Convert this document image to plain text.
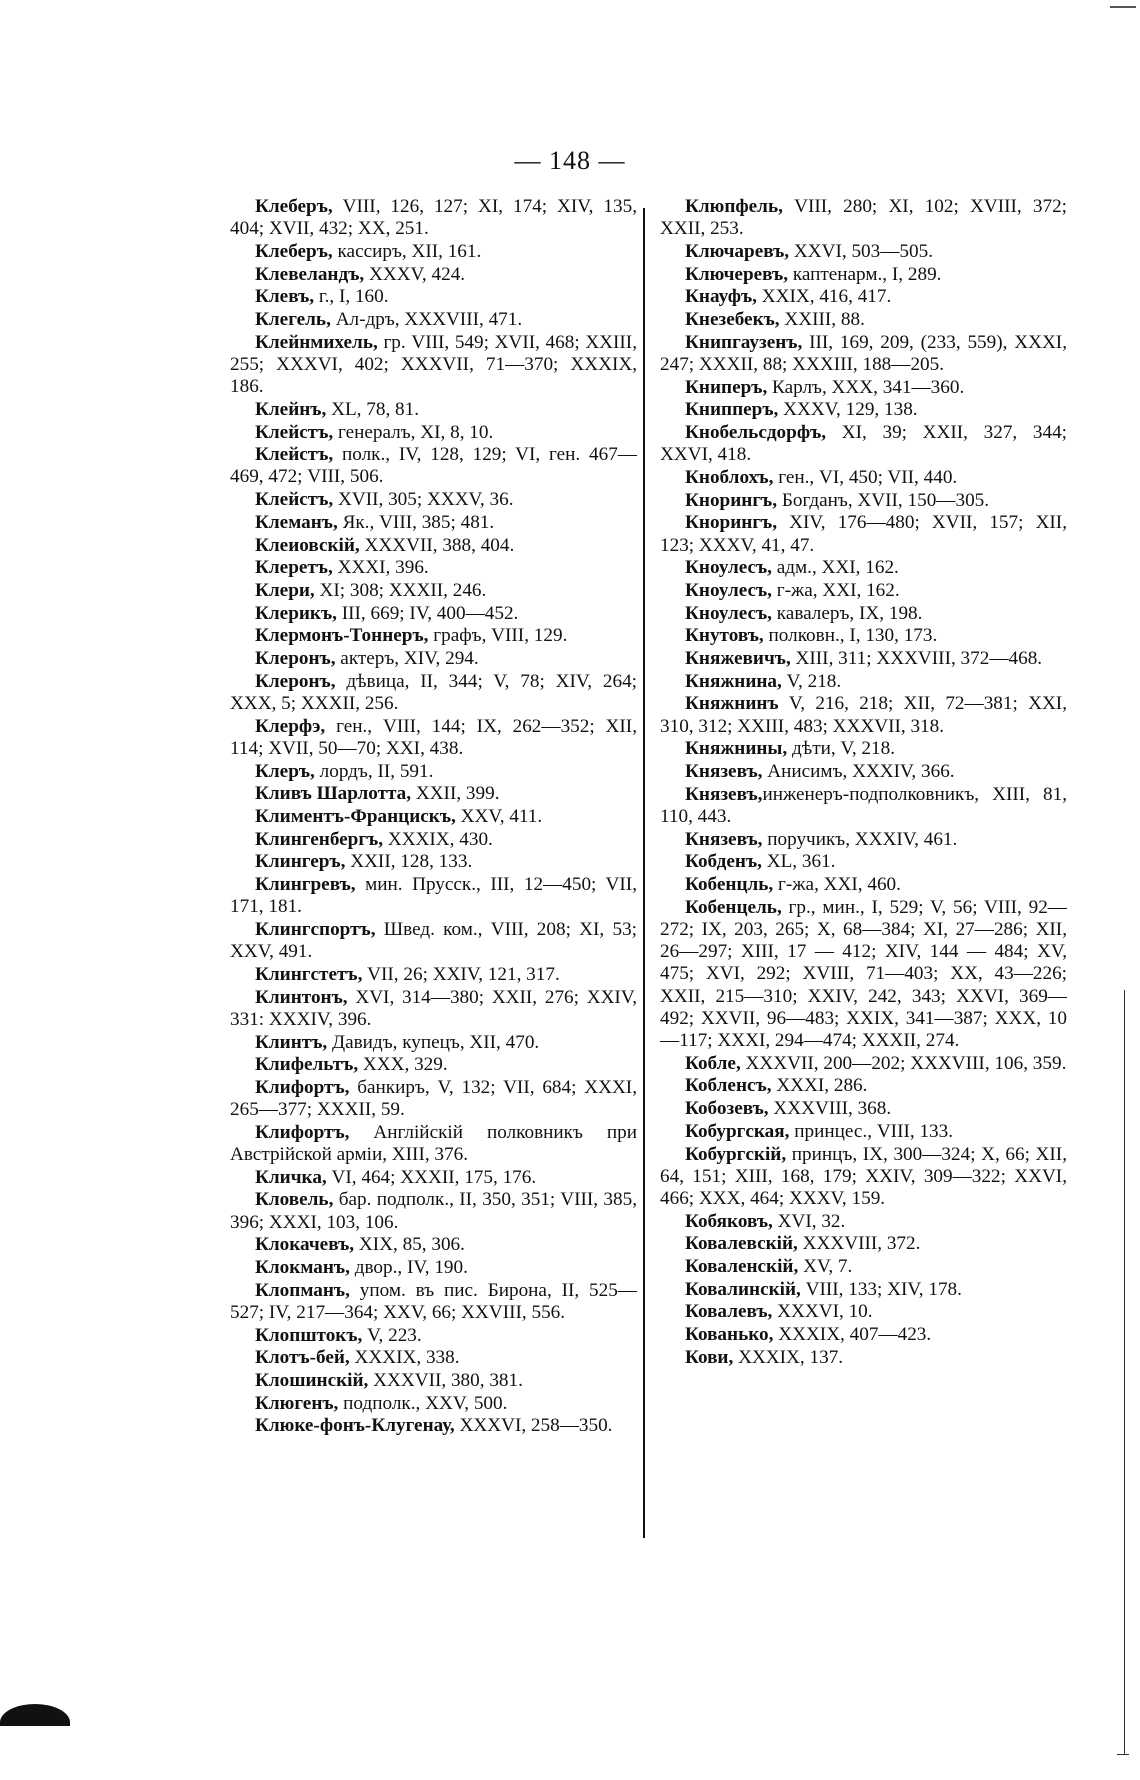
— 148 —

Клеберъ, VIII, 126, 127; XI, 174; XIV, 135, 404; XVII, 432; XX, 251.

Клеберъ, кассиръ, XII, 161.

Клевеландъ, XXXV, 424.

Клевъ, г., I, 160.

Клегель, Ал-дръ, XXXVIII, 471.

Клейнмихель, гр. VIII, 549; XVII, 468; XXIII, 255; XXXVI, 402; XXXVII, 71—370; XXXIX, 186.

Клейнъ, XL, 78, 81.

Клейстъ, генералъ, XI, 8, 10.

Клейстъ, полк., IV, 128, 129; VI, ген. 467—469, 472; VIII, 506.

Клейстъ, XVII, 305; XXXV, 36.

Клеманъ, Як., VIII, 385; 481.

Клеиовскій, XXXVII, 388, 404.

Клеретъ, XXXI, 396.

Клери, XI; 308; XXXII, 246.

Клерикъ, III, 669; IV, 400—452.

Клермонъ-Тоннеръ, графъ, VIII, 129.

Клеронъ, актеръ, XIV, 294.

Клеронъ, дѣвица, II, 344; V, 78; XIV, 264; XXX, 5; XXXII, 256.

Клерфэ, ген., VIII, 144; IX, 262—352; XII, 114; XVII, 50—70; XXI, 438.

Клеръ, лордъ, II, 591.

Кливъ Шарлотта, XXII, 399.

Климентъ-Францискъ, XXV, 411.

Клингенбергъ, XXXIX, 430.

Клингеръ, XXII, 128, 133.

Клингревъ, мин. Прусск., III, 12—450; VII, 171, 181.

Клингспортъ, Швед. ком., VIII, 208; XI, 53; XXV, 491.

Клингстетъ, VII, 26; XXIV, 121, 317.

Клинтонъ, XVI, 314—380; XXII, 276; XXIV, 331: XXXIV, 396.

Клинтъ, Давидъ, купецъ, XII, 470.

Клифельтъ, XXX, 329.

Клифортъ, банкиръ, V, 132; VII, 684; XXXI, 265—377; XXXII, 59.

Клифортъ, Англійскій полковникъ при Австрійской арміи, XIII, 376.

Кличка, VI, 464; XXXII, 175, 176.

Кловель, бар. подполк., II, 350, 351; VIII, 385, 396; XXXI, 103, 106.

Клокачевъ, XIX, 85, 306.

Клокманъ, двор., IV, 190.

Клопманъ, упом. въ пис. Бирона, II, 525—527; IV, 217—364; XXV, 66; XXVIII, 556.

Клопштокъ, V, 223.

Клотъ-бей, XXXIX, 338.

Клошинскій, XXXVII, 380, 381.

Клюгенъ, подполк., XXV, 500.

Клюке-фонъ-Клугенау, XXXVI, 258—350.

Клюпфель, VIII, 280; XI, 102; XVIII, 372; XXII, 253.

Ключаревъ, XXVI, 503—505.

Ключеревъ, каптенарм., I, 289.

Кнауфъ, XXIX, 416, 417.

Кнезебекъ, XXIII, 88.

Книпгаузенъ, III, 169, 209, (233, 559), XXXI, 247; XXXII, 88; XXXIII, 188—205.

Книперъ, Карлъ, XXX, 341—360.

Книпперъ, XXXV, 129, 138.

Кнобельсдорфъ, XI, 39; XXII, 327, 344; XXVI, 418.

Кноблохъ, ген., VI, 450; VII, 440.

Кнорингъ, Богданъ, XVII, 150—305.

Кнорингъ, XIV, 176—480; XVII, 157; XII, 123; XXXV, 41, 47.

Кноулесъ, адм., XXI, 162.

Кноулесъ, г-жа, XXI, 162.

Кноулесъ, кавалеръ, IX, 198.

Кнутовъ, полковн., I, 130, 173.

Княжевичъ, XIII, 311; XXXVIII, 372—468.

Княжнина, V, 218.

Княжнинъ V, 216, 218; XII, 72—381; XXI, 310, 312; XXIII, 483; XXXVII, 318.

Княжнины, дѣти, V, 218.

Князевъ, Анисимъ, XXXIV, 366.

Князевъ,инженеръ-подполковникъ, XIII, 81, 110, 443.

Князевъ, поручикъ, XXXIV, 461.

Кобденъ, XL, 361.

Кобенцль, г-жа, XXI, 460.

Кобенцель, гр., мин., I, 529; V, 56; VIII, 92—272; IX, 203, 265; X, 68—384; XI, 27—286; XII, 26—297; XIII, 17 — 412; XIV, 144 — 484; XV, 475; XVI, 292; XVIII, 71—403; XX, 43—226; XXII, 215—310; XXIV, 242, 343; XXVI, 369—492; XXVII, 96—483; XXIX, 341—387; XXX, 10—117; XXXI, 294—474; XXXII, 274.

Кобле, XXXVII, 200—202; XXXVIII, 106, 359.

Кобленсъ, XXXI, 286.

Кобозевъ, XXXVIII, 368.

Кобургская, принцес., VIII, 133.

Кобургскій, принцъ, IX, 300—324; X, 66; XII, 64, 151; XIII, 168, 179; XXIV, 309—322; XXVI, 466; XXX, 464; XXXV, 159.

Кобяковъ, XVI, 32.

Ковалевскій, XXXVIII, 372.

Коваленскій, XV, 7.

Ковалинскій, VIII, 133; XIV, 178.

Ковалевъ, XXXVI, 10.

Кованько, XXXIX, 407—423.

Кови, XXXIX, 137.
